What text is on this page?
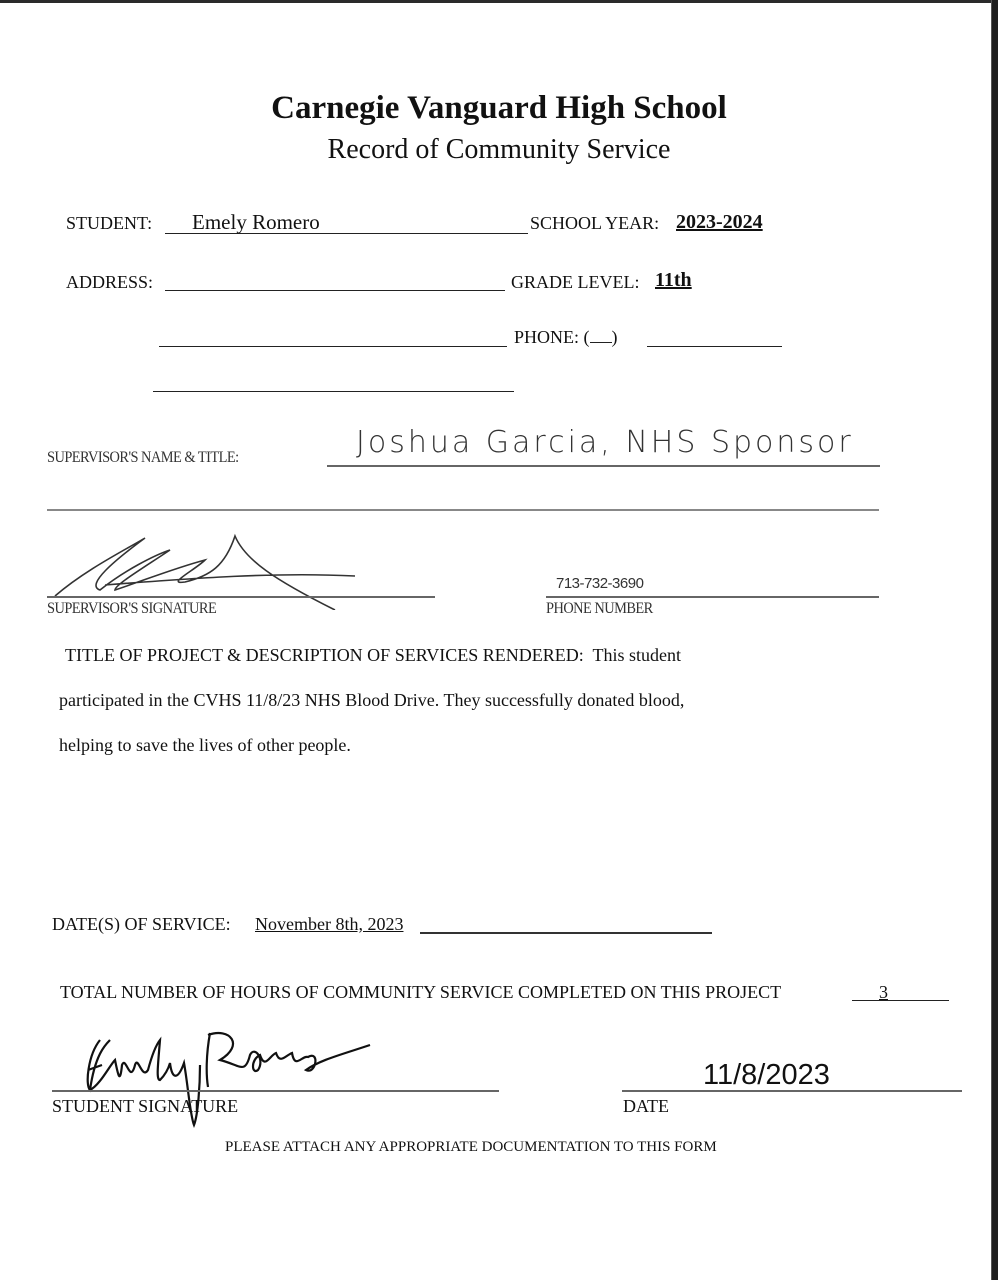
Carnegie Vanguard High School
Record of Community Service
STUDENT: Emely Romero	SCHOOL YEAR: 2023-2024
ADDRESS:	GRADE LEVEL: 11th
PHONE: ( )
SUPERVISOR'S NAME & TITLE:	Joshua Garcia, NHS Sponsor
SUPERVISOR'S SIGNATURE
713-732-3690
PHONE NUMBER
TITLE OF PROJECT & DESCRIPTION OF SERVICES RENDERED: This student
participated in the CVHS 11/8/23 NHS Blood Drive. They successfully donated blood,
helping to save the lives of other people.
DATE(S) OF SERVICE: November 8th, 2023
TOTAL NUMBER OF HOURS OF COMMUNITY SERVICE COMPLETED ON THIS PROJECT	3
STUDENT SIGNATURE
11/8/2023
DATE
PLEASE ATTACH ANY APPROPRIATE DOCUMENTATION TO THIS FORM
